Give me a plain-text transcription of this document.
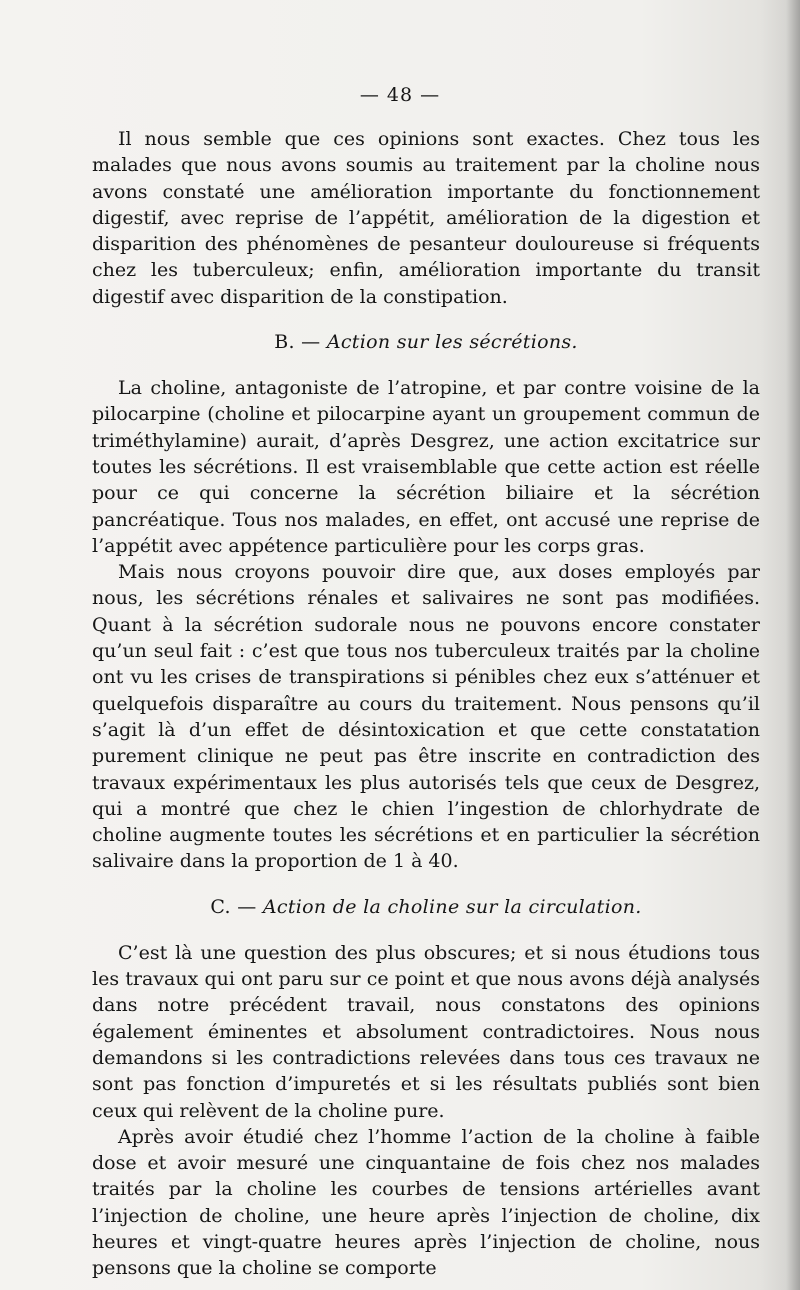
— 48 —

Il nous semble que ces opinions sont exactes. Chez tous les malades que nous avons soumis au traitement par la choline nous avons constaté une amélioration importante du fonctionnement digestif, avec reprise de l’appétit, amélioration de la digestion et disparition des phénomènes de pesanteur douloureuse si fréquents chez les tuberculeux; enfin, amélioration importante du transit digestif avec disparition de la constipation.

B. — Action sur les sécrétions.

La choline, antagoniste de l’atropine, et par contre voisine de la pilocarpine (choline et pilocarpine ayant un groupement commun de triméthylamine) aurait, d’après Desgrez, une action excitatrice sur toutes les sécrétions. Il est vraisemblable que cette action est réelle pour ce qui concerne la sécrétion biliaire et la sécrétion pancréatique. Tous nos malades, en effet, ont accusé une reprise de l’appétit avec appétence particulière pour les corps gras.

Mais nous croyons pouvoir dire que, aux doses employés par nous, les sécrétions rénales et salivaires ne sont pas modifiées. Quant à la sécrétion sudorale nous ne pouvons encore constater qu’un seul fait : c’est que tous nos tuberculeux traités par la choline ont vu les crises de transpirations si pénibles chez eux s’atténuer et quelquefois disparaître au cours du traitement. Nous pensons qu’il s’agit là d’un effet de désintoxication et que cette constatation purement clinique ne peut pas être inscrite en contradiction des travaux expérimentaux les plus autorisés tels que ceux de Desgrez, qui a montré que chez le chien l’ingestion de chlorhydrate de choline augmente toutes les sécrétions et en particulier la sécrétion salivaire dans la proportion de 1 à 40.

C. — Action de la choline sur la circulation.

C’est là une question des plus obscures; et si nous étudions tous les travaux qui ont paru sur ce point et que nous avons déjà analysés dans notre précédent travail, nous constatons des opinions également éminentes et absolument contradictoires. Nous nous demandons si les contradictions relevées dans tous ces travaux ne sont pas fonction d’impuretés et si les résultats publiés sont bien ceux qui relèvent de la choline pure.

Après avoir étudié chez l’homme l’action de la choline à faible dose et avoir mesuré une cinquantaine de fois chez nos malades traités par la choline les courbes de tensions artérielles avant l’injection de choline, une heure après l’injection de choline, dix heures et vingt-quatre heures après l’injection de choline, nous pensons que la choline se comporte
